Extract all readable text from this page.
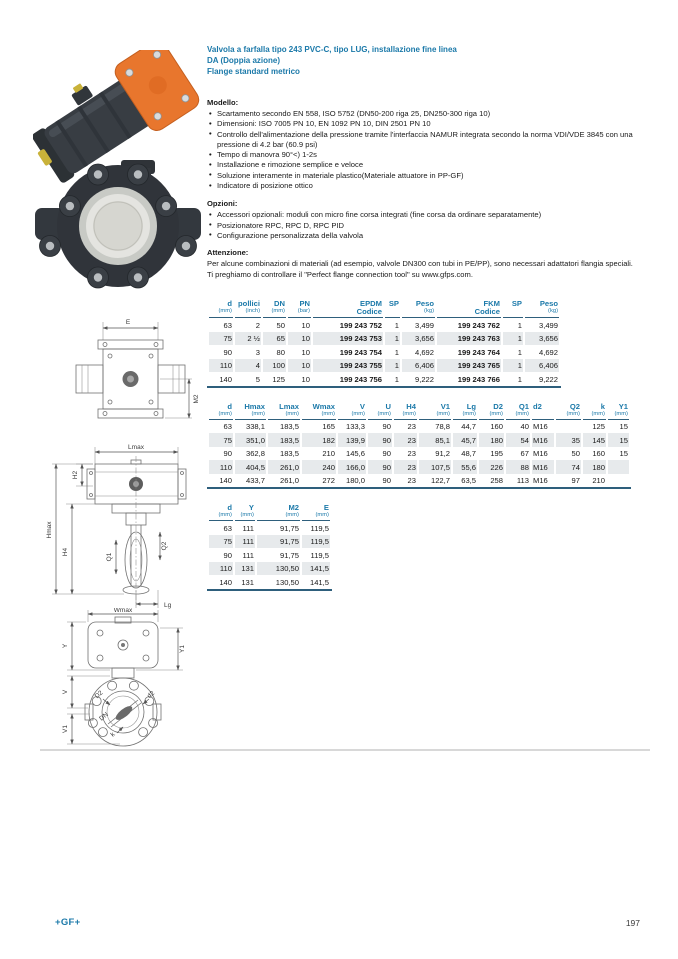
E
M2
Lmax
H2
Hmax
H4
Q1
Q2
Lg
Wmax
Y	Y1
V
V1
D2	d2
DN
k
Valvola a farfalla tipo 243 PVC-C, tipo LUG, installazione fine linea
DA (Doppia azione)
Flange standard metrico
Modello:
• Scartamento secondo EN 558, ISO 5752 (DN50-200 riga 25, DN250-300 riga 10)
• Dimensioni: ISO 7005 PN 10, EN 1092 PN 10, DIN 2501 PN 10
• Controllo dell'alimentazione della pressione tramite l'interfaccia NAMUR integrata secondo la norma VDI/VDE 3845 con una pressione di 4.2 bar (60.9 psi)
• Tempo di manovra 90°<) 1-2s
• Installazione e rimozione semplice e veloce
• Soluzione interamente in materiale plastico(Materiale attuatore in PP-GF)
• Indicatore di posizione ottico
Opzioni:
• Accessori opzionali: moduli con micro fine corsa integrati (fine corsa da ordinare separatamente)
• Posizionatore RPC, RPC D, RPC PID
• Configurazione personalizzata della valvola
Attenzione:

Per alcune combinazioni di materiali (ad esempio, valvole DN300 con tubi in PE/PP), sono necessari adattatori flangia speciali. Ti preghiamo di controllare il "Perfect flange connection tool" su www.gfps.com.

d
(mm)

pollici
(inch)

DN
(mm)

PN
(bar)

EPDM
Codice

SP	Peso
(kg)

FKM
Codice

SP	Peso
(kg)

63	2	50	10	199 243 752	1	3,499	199 243 762	1	3,499
75	2 ½	65	10	199 243 753	1	3,656	199 243 763	1	3,656
90	3	80	10	199 243 754	1	4,692	199 243 764	1	4,692
110	4	100	10	199 243 755	1	6,406	199 243 765	1	6,406
140	5	125	10	199 243 756	1	9,222	199 243 766	1	9,222
d
(mm)

Hmax
(mm)

Lmax
(mm)

Wmax
(mm)

V
(mm)

U
(mm)

H4
(mm)

V1
(mm)

Lg
(mm)

D2
(mm)

Q1
(mm)

d2	Q2
(mm)

k
(mm)

Y1
(mm)

63	338,1	183,5	165	133,3	90	23	78,8	44,7	160	40	M16		125	15
75	351,0	183,5	182	139,9	90	23	85,1	45,7	180	54	M16	35	145	15
90	362,8	183,5	210	145,6	90	23	91,2	48,7	195	67	M16	50	160	15
110	404,5	261,0	240	166,0	90	23	107,5	55,6	226	88	M16	74	180	
140	433,7	261,0	272	180,0	90	23	122,7	63,5	258	113	M16	97	210	
d
(mm)

Y
(mm)

M2
(mm)

E
(mm)

63	111	91,75	119,5
75	111	91,75	119,5
90	111	91,75	119,5
110	131	130,50	141,5
140	131	130,50	141,5
+GF+	197
